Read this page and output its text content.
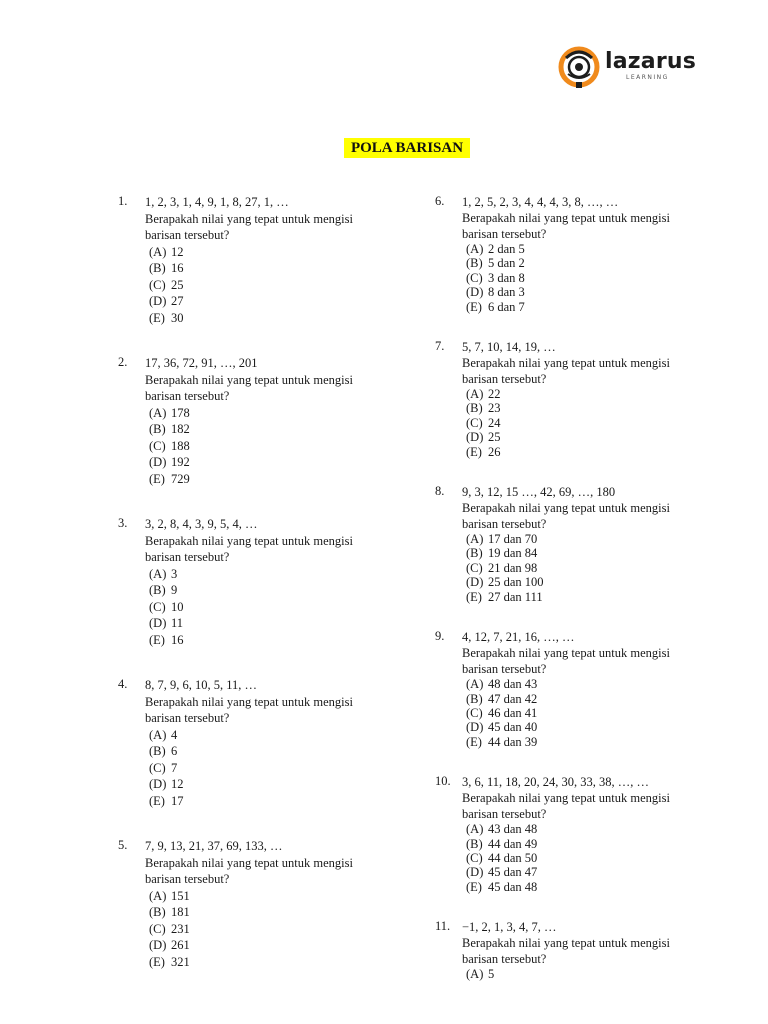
lazarus
LEARNING
POLA BARISAN
1. 1, 2, 3, 1, 4, 9, 1, 8, 27, 1, …
Berapakah nilai yang tepat untuk mengisi
barisan tersebut?
(A) 12
(B) 16
(C) 25
(D) 27
(E) 30
2. 17, 36, 72, 91, …, 201
Berapakah nilai yang tepat untuk mengisi
barisan tersebut?
(A) 178
(B) 182
(C) 188
(D) 192
(E) 729
3. 3, 2, 8, 4, 3, 9, 5, 4, …
Berapakah nilai yang tepat untuk mengisi
barisan tersebut?
(A) 3
(B) 9
(C) 10
(D) 11
(E) 16
4. 8, 7, 9, 6, 10, 5, 11, …
Berapakah nilai yang tepat untuk mengisi
barisan tersebut?
(A) 4
(B) 6
(C) 7
(D) 12
(E) 17
5. 7, 9, 13, 21, 37, 69, 133, …
Berapakah nilai yang tepat untuk mengisi
barisan tersebut?
(A) 151
(B) 181
(C) 231
(D) 261
(E) 321
6. 1, 2, 5, 2, 3, 4, 4, 4, 3, 8, …, …
Berapakah nilai yang tepat untuk mengisi
barisan tersebut?
(A) 2 dan 5
(B) 5 dan 2
(C) 3 dan 8
(D) 8 dan 3
(E) 6 dan 7
7. 5, 7, 10, 14, 19, …
Berapakah nilai yang tepat untuk mengisi
barisan tersebut?
(A) 22
(B) 23
(C) 24
(D) 25
(E) 26
8. 9, 3, 12, 15 …, 42, 69, …, 180
Berapakah nilai yang tepat untuk mengisi
barisan tersebut?
(A) 17 dan 70
(B) 19 dan 84
(C) 21 dan 98
(D) 25 dan 100
(E) 27 dan 111
9. 4, 12, 7, 21, 16, …, …
Berapakah nilai yang tepat untuk mengisi
barisan tersebut?
(A) 48 dan 43
(B) 47 dan 42
(C) 46 dan 41
(D) 45 dan 40
(E) 44 dan 39
10. 3, 6, 11, 18, 20, 24, 30, 33, 38, …, …
Berapakah nilai yang tepat untuk mengisi
barisan tersebut?
(A) 43 dan 48
(B) 44 dan 49
(C) 44 dan 50
(D) 45 dan 47
(E) 45 dan 48
11. −1, 2, 1, 3, 4, 7, …
Berapakah nilai yang tepat untuk mengisi
barisan tersebut?
(A) 5
